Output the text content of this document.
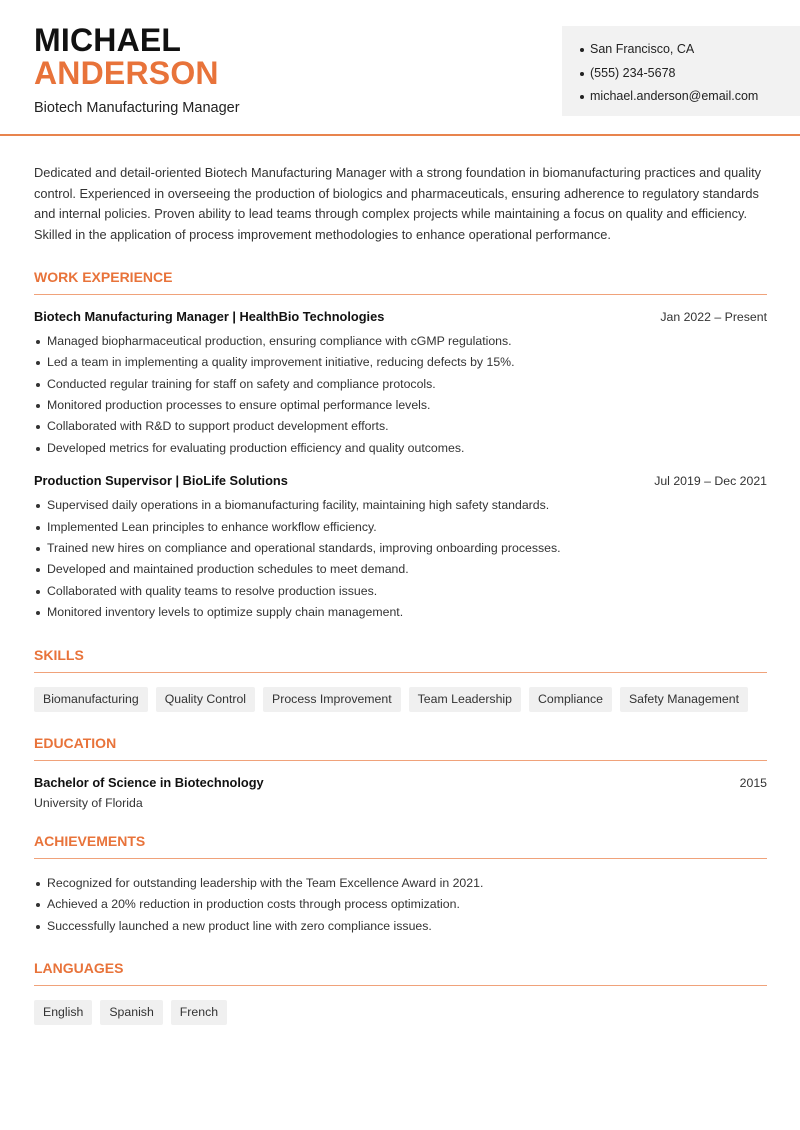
MICHAEL
ANDERSON
Biotech Manufacturing Manager
San Francisco, CA
(555) 234-5678
michael.anderson@email.com

Dedicated and detail-oriented Biotech Manufacturing Manager with a strong foundation in biomanufacturing practices and quality control. Experienced in overseeing the production of biologics and pharmaceuticals, ensuring adherence to regulatory standards and internal policies. Proven ability to lead teams through complex projects while maintaining a focus on quality and efficiency. Skilled in the application of process improvement methodologies to enhance operational performance.

WORK EXPERIENCE
Biotech Manufacturing Manager | HealthBio Technologies	Jan 2022 – Present
Managed biopharmaceutical production, ensuring compliance with cGMP regulations.
Led a team in implementing a quality improvement initiative, reducing defects by 15%.
Conducted regular training for staff on safety and compliance protocols.
Monitored production processes to ensure optimal performance levels.
Collaborated with R&D to support product development efforts.
Developed metrics for evaluating production efficiency and quality outcomes.
Production Supervisor | BioLife Solutions	Jul 2019 – Dec 2021
Supervised daily operations in a biomanufacturing facility, maintaining high safety standards.
Implemented Lean principles to enhance workflow efficiency.
Trained new hires on compliance and operational standards, improving onboarding processes.
Developed and maintained production schedules to meet demand.
Collaborated with quality teams to resolve production issues.
Monitored inventory levels to optimize supply chain management.
SKILLS
Biomanufacturing	Quality Control	Process Improvement	Team Leadership	Compliance	Safety Management
EDUCATION
Bachelor of Science in Biotechnology	2015
University of Florida
ACHIEVEMENTS
Recognized for outstanding leadership with the Team Excellence Award in 2021.
Achieved a 20% reduction in production costs through process optimization.
Successfully launched a new product line with zero compliance issues.
LANGUAGES
English	Spanish	French
